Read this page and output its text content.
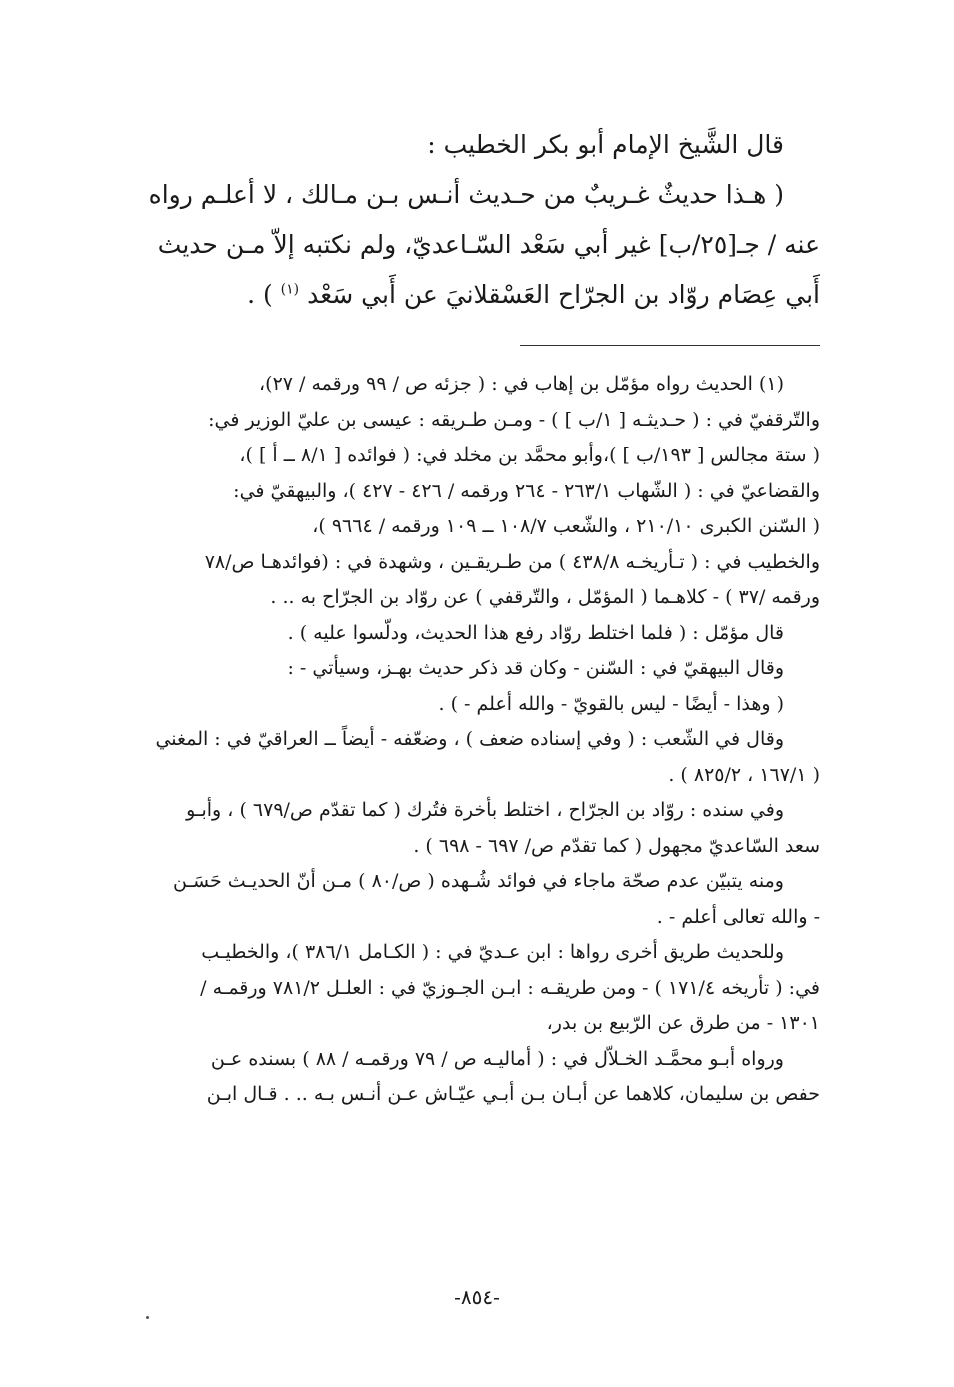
قال الشَّيخ الإمام أبو بكر الخطيب :

( هـذا حديثٌ غـريبٌ من حـديث أنـس بـن مـالك ، لا أعلـم رواه

عنه / جـ[٢٥/ب] غير أبي سَعْد السّـاعديّ، ولم نكتبه إلاّ مـن حديث

أَبي عِصَام روّاد بن الجرّاح العَسْقلانيَ عن أَبي سَعْد $^{(١)}$ ) .

(١) الحديث رواه مؤمّل بن إهاب في : ( جزئه ص / ٩٩ ورقمه / ٢٧)،

والتّرقفيّ في : ( حـديثـه [ ١/ب ] ) - ومـن طـريقه : عيسى بن عليّ الوزير في:

( ستة مجالس [ ١٩٣/ب ] )،وأبو محمَّد بن مخلد في: ( فوائده [ ٨/١ ــ أ ] )،

والقضاعيّ في : ( الشّهاب ٢٦٣/١ - ٢٦٤ ورقمه / ٤٢٦ - ٤٢٧ )، والبيهقيّ في:

( السّنن الكبرى ٢١٠/١٠ ، والشّعب ١٠٨/٧ ــ ١٠٩ ورقمه / ٩٦٦٤ )،

والخطيب في : ( تـأريخـه ٤٣٨/٨ ) من طـريقـين ، وشهدة في : (فوائدهـا ص/٧٨

ورقمه /٣٧ ) - كلاهـما ( المؤمّل ، والتّرقفي ) عن روّاد بن الجرّاح به .. .

قال مؤمّل : ( فلما اختلط روّاد رفع هذا الحديث، ودلّسوا عليه ) .

وقال البيهقيّ في : السّنن - وكان قد ذكر حديث بهـز، وسيأتي - :

( وهذا - أيضًا - ليس بالقويّ - والله أعلم - ) .

وقال في الشّعب : ( وفي إسناده ضعف ) ، وضعّفه - أيضاً ــ العراقيّ في : المغني

( ١٦٧/١ ، ٨٢٥/٢ ) .

وفي سنده : روّاد بن الجرّاح ، اختلط بأخرة فتُرك ( كما تقدّم ص/٦٧٩ ) ، وأبـو

سعد السّاعديّ مجهول ( كما تقدّم ص/ ٦٩٧ - ٦٩٨ ) .

ومنه يتبيّن عدم صحّة ماجاء في فوائد شُـهده ( ص/٨٠ ) مـن أنّ الحديـث حَسَـن

- والله تعالى أعلم - .

وللحديث طريق أخرى رواها : ابن عـديّ في : ( الكـامل ٣٨٦/١ )، والخطيـب

في: ( تأريخه ١٧١/٤ ) - ومن طريقـه : ابـن الجـوزيّ في : العلـل ٧٨١/٢ ورقمـه /

١٣٠١ - من طرق عن الرّبيع بن بدر،

ورواه أبـو محمَّـد الخـلاّل في : ( أماليـه ص / ٧٩ ورقمـه / ٨٨ ) بسنده عـن

حفص بن سليمان، كلاهما عن أبـان بـن أبـي عيّـاش عـن أنـس بـه .. . قـال ابـن

-٨٥٤-
